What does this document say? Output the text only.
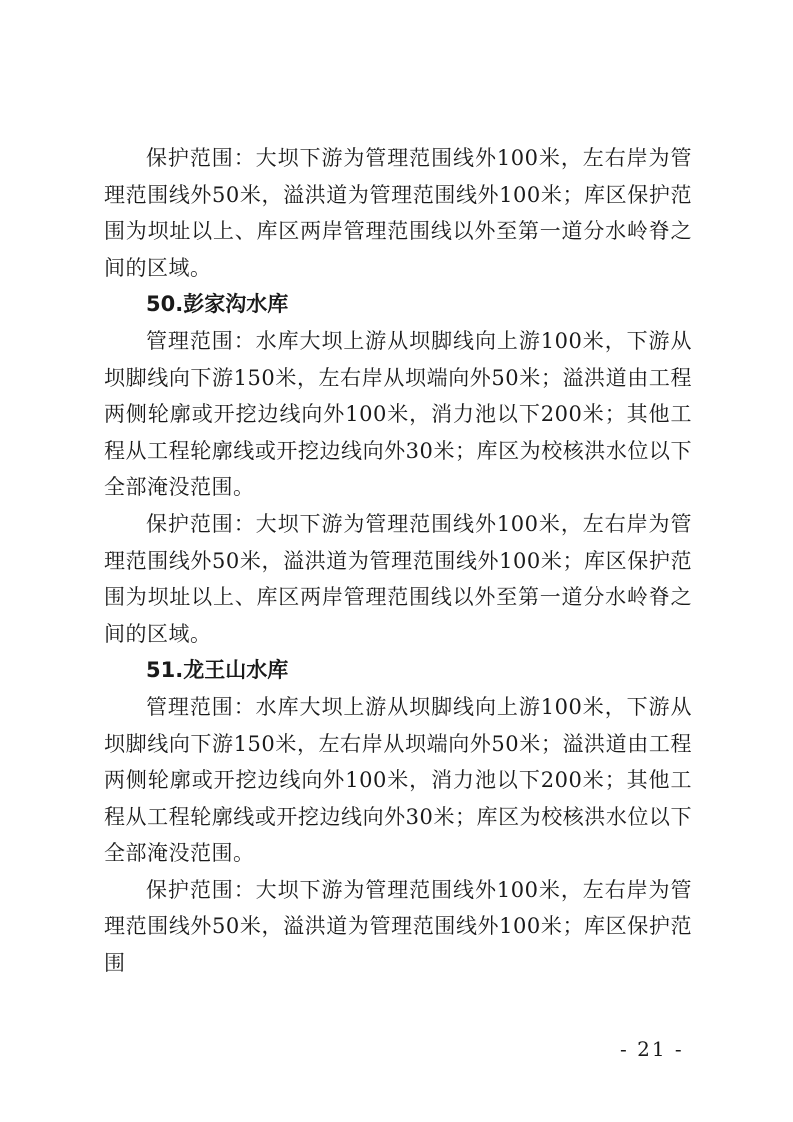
保护范围：大坝下游为管理范围线外100米，左右岸为管理范围线外50米，溢洪道为管理范围线外100米；库区保护范围为坝址以上、库区两岸管理范围线以外至第一道分水岭脊之间的区域。

50.彭家沟水库

管理范围：水库大坝上游从坝脚线向上游100米，下游从坝脚线向下游150米，左右岸从坝端向外50米；溢洪道由工程两侧轮廓或开挖边线向外100米，消力池以下200米；其他工程从工程轮廓线或开挖边线向外30米；库区为校核洪水位以下全部淹没范围。

保护范围：大坝下游为管理范围线外100米，左右岸为管理范围线外50米，溢洪道为管理范围线外100米；库区保护范围为坝址以上、库区两岸管理范围线以外至第一道分水岭脊之间的区域。

51.龙王山水库

管理范围：水库大坝上游从坝脚线向上游100米，下游从坝脚线向下游150米，左右岸从坝端向外50米；溢洪道由工程两侧轮廓或开挖边线向外100米，消力池以下200米；其他工程从工程轮廓线或开挖边线向外30米；库区为校核洪水位以下全部淹没范围。

保护范围：大坝下游为管理范围线外100米，左右岸为管理范围线外50米，溢洪道为管理范围线外100米；库区保护范围

- 21 -
